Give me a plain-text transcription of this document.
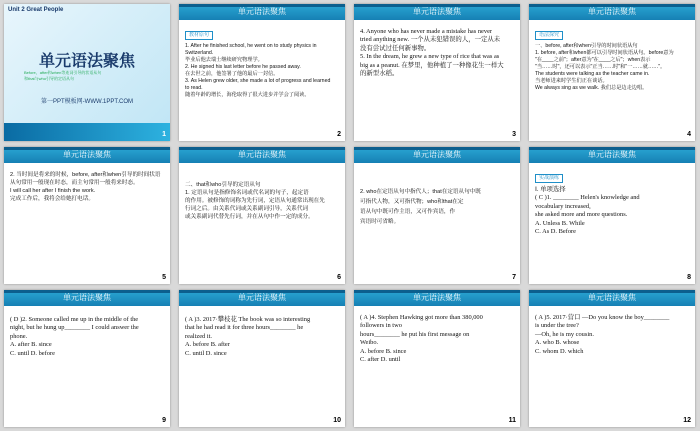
Unit 2 Great People
单元语法聚焦
Before、after和when等连词引导的状语从句
和that与who引导的定语从句
第一PPT模板网-WWW.1PPT.COM
1
单元语法聚焦
教材原句
1. After he finished school, he went on to study physics in
Switzerland.
毕业后他去瑞士继续研究物理学。
2. He signed his last letter before he passed away.
在去世之前，他签署了他的最后一封信。
3. As Helen grew older, she made a lot of progress and learned
to read.
随着年龄的增长，海伦取得了很大进步并学会了阅读。
2
单元语法聚焦
4. Anyone who has never made a mistake has never
tried anything new. 一个从未犯错误的人，一定从未
没有尝试过任何新事物。
5. In the dream, he grew a new type of rice that was as
big as a peanut. 在梦里，他种植了一种像花生一样大
的新型水稻。
3
单元语法聚焦
语法探究
一、before, after和when引导的时间状语从句
1. before, after和when都可以引导时间状语从句。before意为
"在____之前"；after意为"在____之后"；when表示
"当……时"，还可以表示"正当……时"和"一……就……"。
The students were talking as the teacher came in.
当老师进来时学生们正在谈话。
We always sing as we walk. 我们总是边走边唱。
4
单元语法聚焦
2. 当时间是将来的时候，before, after和when引导的时间状语
从句常用一般现在时态，而主句常用一般将来时态。
I will call her after I finish the work.
完成工作后，我将会给她打电话。
5
单元语法聚焦
二、that和who引导的定语从句
1. 定语从句是指修饰名词或代名词的句子，起定语
的作用。被修饰的词称为先行词，定语从句通常出现在先
行词之后。由关系代词或关系副词引导，关系代词
或关系副词代替先行词，并在从句中作一定的成分。
6
单元语法聚焦
2. who在定语从句中指代人；that在定语从句中既
可指代人物，又可指代物；who和that在定
语从句中既可作主语，又可作宾语，作
宾语时可省略。
7
单元语法聚焦
实战演练
Ⅰ. 单项选择
( C )1. ________ Helen's knowledge and
vocabulary increased,
she asked more and more questions.
A. Unless B. While
C. As D. Before
8
单元语法聚焦
( D )2. Someone called me up in the middle of the
night, but he hung up________ I could answer the
phone.
A. after B. since
C. until D. before
9
单元语法聚焦
( A )3. 2017·攀枝花 The book was so interesting
that he had read it for three hours________ he
realized it.
A. before B. after
C. until D. since
10
单元语法聚焦
( A )4. Stephen Hawking got more than 380,000
followers in two
hours________ he put his first message on
Weibo.
A. before B. since
C. after D. until
11
单元语法聚焦
( A )5. 2017·营口 —Do you know the boy________
is under the tree?
—Oh, he is my cousin.
A. who B. whose
C. whom D. which
12
